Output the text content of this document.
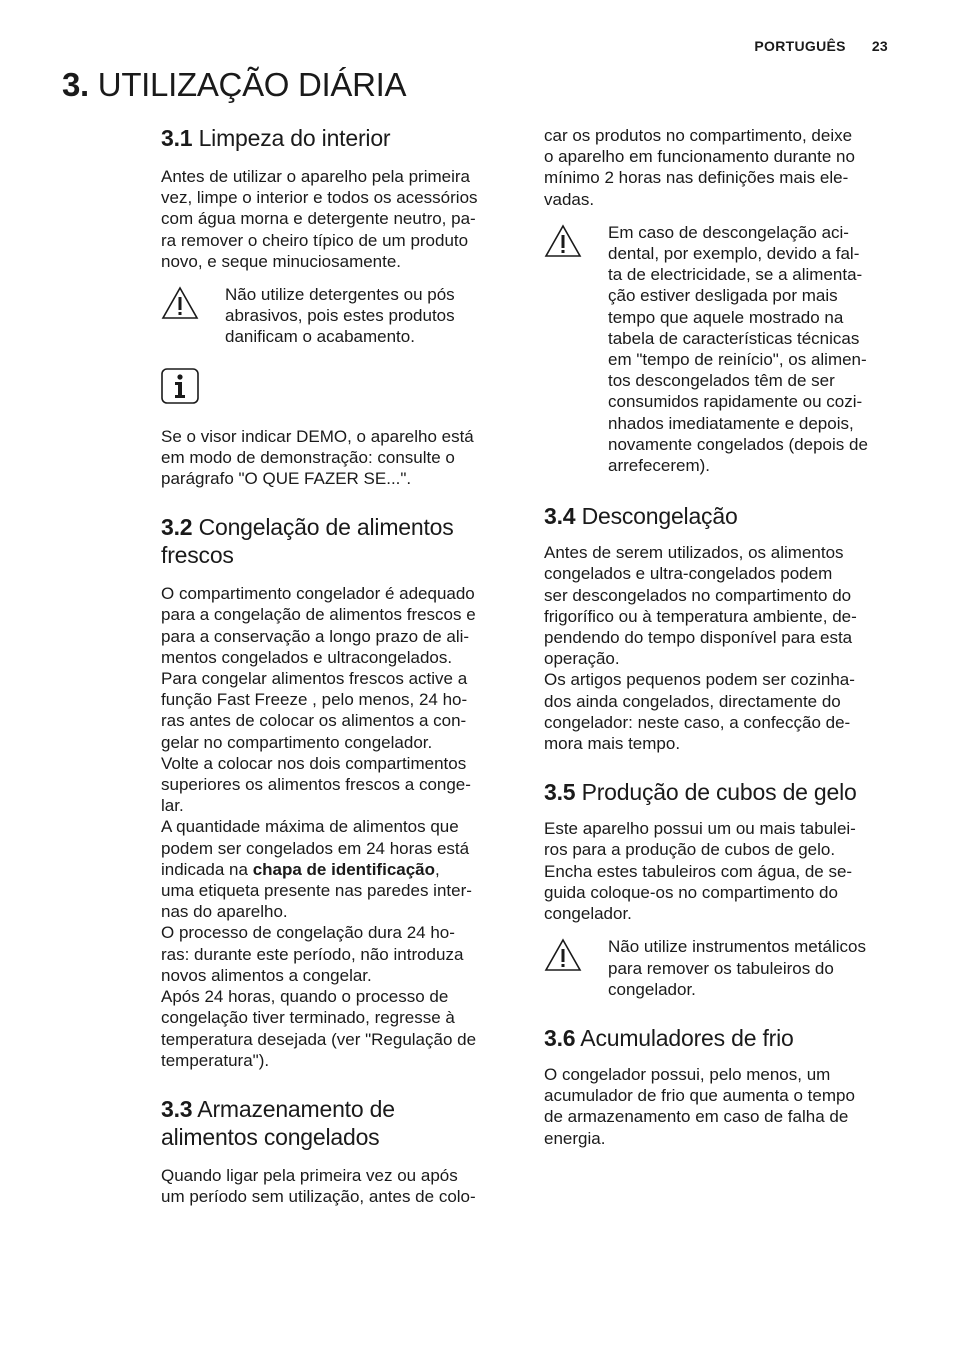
PORTUGUÊS 23
3. UTILIZAÇÃO DIÁRIA
3.1 Limpeza do interior

Antes de utilizar o aparelho pela primeira
vez, limpe o interior e todos os acessórios
com água morna e detergente neutro, pa-
ra remover o cheiro típico de um produto
novo, e seque minuciosamente.

Não utilize detergentes ou pós
abrasivos, pois estes produtos
danificam o acabamento.

Se o visor indicar DEMO, o aparelho está
em modo de demonstração: consulte o
parágrafo "O QUE FAZER SE...".

3.2 Congelação de alimentos
frescos

O compartimento congelador é adequado
para a congelação de alimentos frescos e
para a conservação a longo prazo de ali-
mentos congelados e ultracongelados.
Para congelar alimentos frescos active a
função Fast Freeze , pelo menos, 24 ho-
ras antes de colocar os alimentos a con-
gelar no compartimento congelador.
Volte a colocar nos dois compartimentos
superiores os alimentos frescos a conge-
lar.
A quantidade máxima de alimentos que
podem ser congelados em 24 horas está
indicada na chapa de identificação,
uma etiqueta presente nas paredes inter-
nas do aparelho.
O processo de congelação dura 24 ho-
ras: durante este período, não introduza
novos alimentos a congelar.
Após 24 horas, quando o processo de
congelação tiver terminado, regresse à
temperatura desejada (ver "Regulação de
temperatura").

3.3 Armazenamento de
alimentos congelados

Quando ligar pela primeira vez ou após
um período sem utilização, antes de colo-

car os produtos no compartimento, deixe
o aparelho em funcionamento durante no
mínimo 2 horas nas definições mais ele-
vadas.

Em caso de descongelação aci-
dental, por exemplo, devido a fal-
ta de electricidade, se a alimenta-
ção estiver desligada por mais
tempo que aquele mostrado na
tabela de características técnicas
em "tempo de reinício", os alimen-
tos descongelados têm de ser
consumidos rapidamente ou cozi-
nhados imediatamente e depois,
novamente congelados (depois de
arrefecerem).

3.4 Descongelação

Antes de serem utilizados, os alimentos
congelados e ultra-congelados podem
ser descongelados no compartimento do
frigorífico ou à temperatura ambiente, de-
pendendo do tempo disponível para esta
operação.
Os artigos pequenos podem ser cozinha-
dos ainda congelados, directamente do
congelador: neste caso, a confecção de-
mora mais tempo.

3.5 Produção de cubos de gelo

Este aparelho possui um ou mais tabulei-
ros para a produção de cubos de gelo.
Encha estes tabuleiros com água, de se-
guida coloque-os no compartimento do
congelador.

Não utilize instrumentos metálicos
para remover os tabuleiros do
congelador.

3.6 Acumuladores de frio

O congelador possui, pelo menos, um
acumulador de frio que aumenta o tempo
de armazenamento em caso de falha de
energia.
